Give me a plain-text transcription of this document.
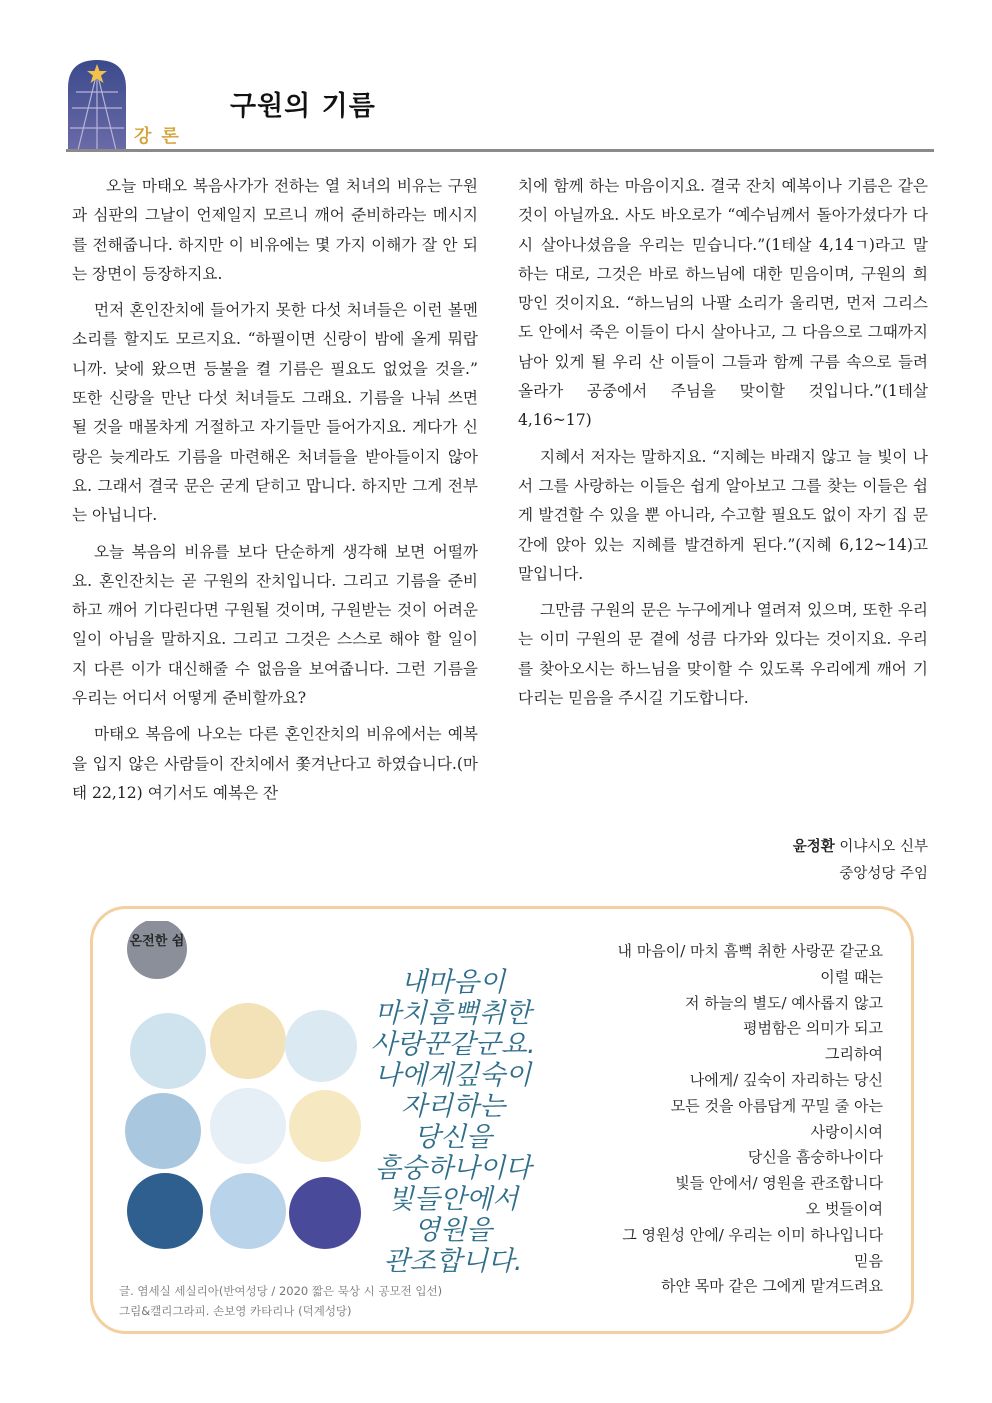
강론
구원의 기름

오늘 마태오 복음사가가 전하는 열 처녀의 비유는 구원과 심판의 그날이 언제일지 모르니 깨어 준비하라는 메시지를 전해줍니다. 하지만 이 비유에는 몇 가지 이해가 잘 안 되는 장면이 등장하지요.

먼저 혼인잔치에 들어가지 못한 다섯 처녀들은 이런 볼멘소리를 할지도 모르지요. “하필이면 신랑이 밤에 올게 뭐랍니까. 낮에 왔으면 등불을 켤 기름은 필요도 없었을 것을.” 또한 신랑을 만난 다섯 처녀들도 그래요. 기름을 나눠 쓰면 될 것을 매몰차게 거절하고 자기들만 들어가지요. 게다가 신랑은 늦게라도 기름을 마련해온 처녀들을 받아들이지 않아요. 그래서 결국 문은 굳게 닫히고 맙니다. 하지만 그게 전부는 아닙니다.

오늘 복음의 비유를 보다 단순하게 생각해 보면 어떨까요. 혼인잔치는 곧 구원의 잔치입니다. 그리고 기름을 준비하고 깨어 기다린다면 구원될 것이며, 구원받는 것이 어려운 일이 아님을 말하지요. 그리고 그것은 스스로 해야 할 일이지 다른 이가 대신해줄 수 없음을 보여줍니다. 그런 기름을 우리는 어디서 어떻게 준비할까요?

마태오 복음에 나오는 다른 혼인잔치의 비유에서는 예복을 입지 않은 사람들이 잔치에서 쫓겨난다고 하였습니다.(마태 22,12) 여기서도 예복은 잔

치에 함께 하는 마음이지요. 결국 잔치 예복이나 기름은 같은 것이 아닐까요. 사도 바오로가 “예수님께서 돌아가셨다가 다시 살아나셨음을 우리는 믿습니다.”(1테살 4,14ㄱ)라고 말하는 대로, 그것은 바로 하느님에 대한 믿음이며, 구원의 희망인 것이지요. “하느님의 나팔 소리가 울리면, 먼저 그리스도 안에서 죽은 이들이 다시 살아나고, 그 다음으로 그때까지 남아 있게 될 우리 산 이들이 그들과 함께 구름 속으로 들려 올라가 공중에서 주님을 맞이할 것입니다.”(1테살 4,16~17)

지혜서 저자는 말하지요. “지혜는 바래지 않고 늘 빛이 나서 그를 사랑하는 이들은 쉽게 알아보고 그를 찾는 이들은 쉽게 발견할 수 있을 뿐 아니라, 수고할 필요도 없이 자기 집 문간에 앉아 있는 지혜를 발견하게 된다.”(지혜 6,12~14)고 말입니다.

그만큼 구원의 문은 누구에게나 열려져 있으며, 또한 우리는 이미 구원의 문 곁에 성큼 다가와 있다는 것이지요. 우리를 찾아오시는 하느님을 맞이할 수 있도록 우리에게 깨어 기다리는 믿음을 주시길 기도합니다.

윤정환 이냐시오 신부
중앙성당 주임
온전한 쉼
내마음이
마치흠뻑취한
사랑꾼같군요.
나에게깊숙이
자리하는
당신을
흠숭하나이다
빛들안에서
영원을
관조합니다.
글. 염세실 세실리아(반여성당 / 2020 짧은 묵상 시 공모전 입선)
그림&캘리그라피. 손보영 카타리나 (덕계성당)
내 마음이/ 마치 흠뻑 취한 사랑꾼 같군요
이럴 때는
저 하늘의 별도/ 예사롭지 않고
평범함은 의미가 되고
그리하여
나에게/ 깊숙이 자리하는 당신
모든 것을 아름답게 꾸밀 줄 아는
사랑이시여
당신을 흠숭하나이다
빛들 안에서/ 영원을 관조합니다
오 벗들이여
그 영원성 안에/ 우리는 이미 하나입니다
믿음
하얀 목마 같은 그에게 맡겨드려요
